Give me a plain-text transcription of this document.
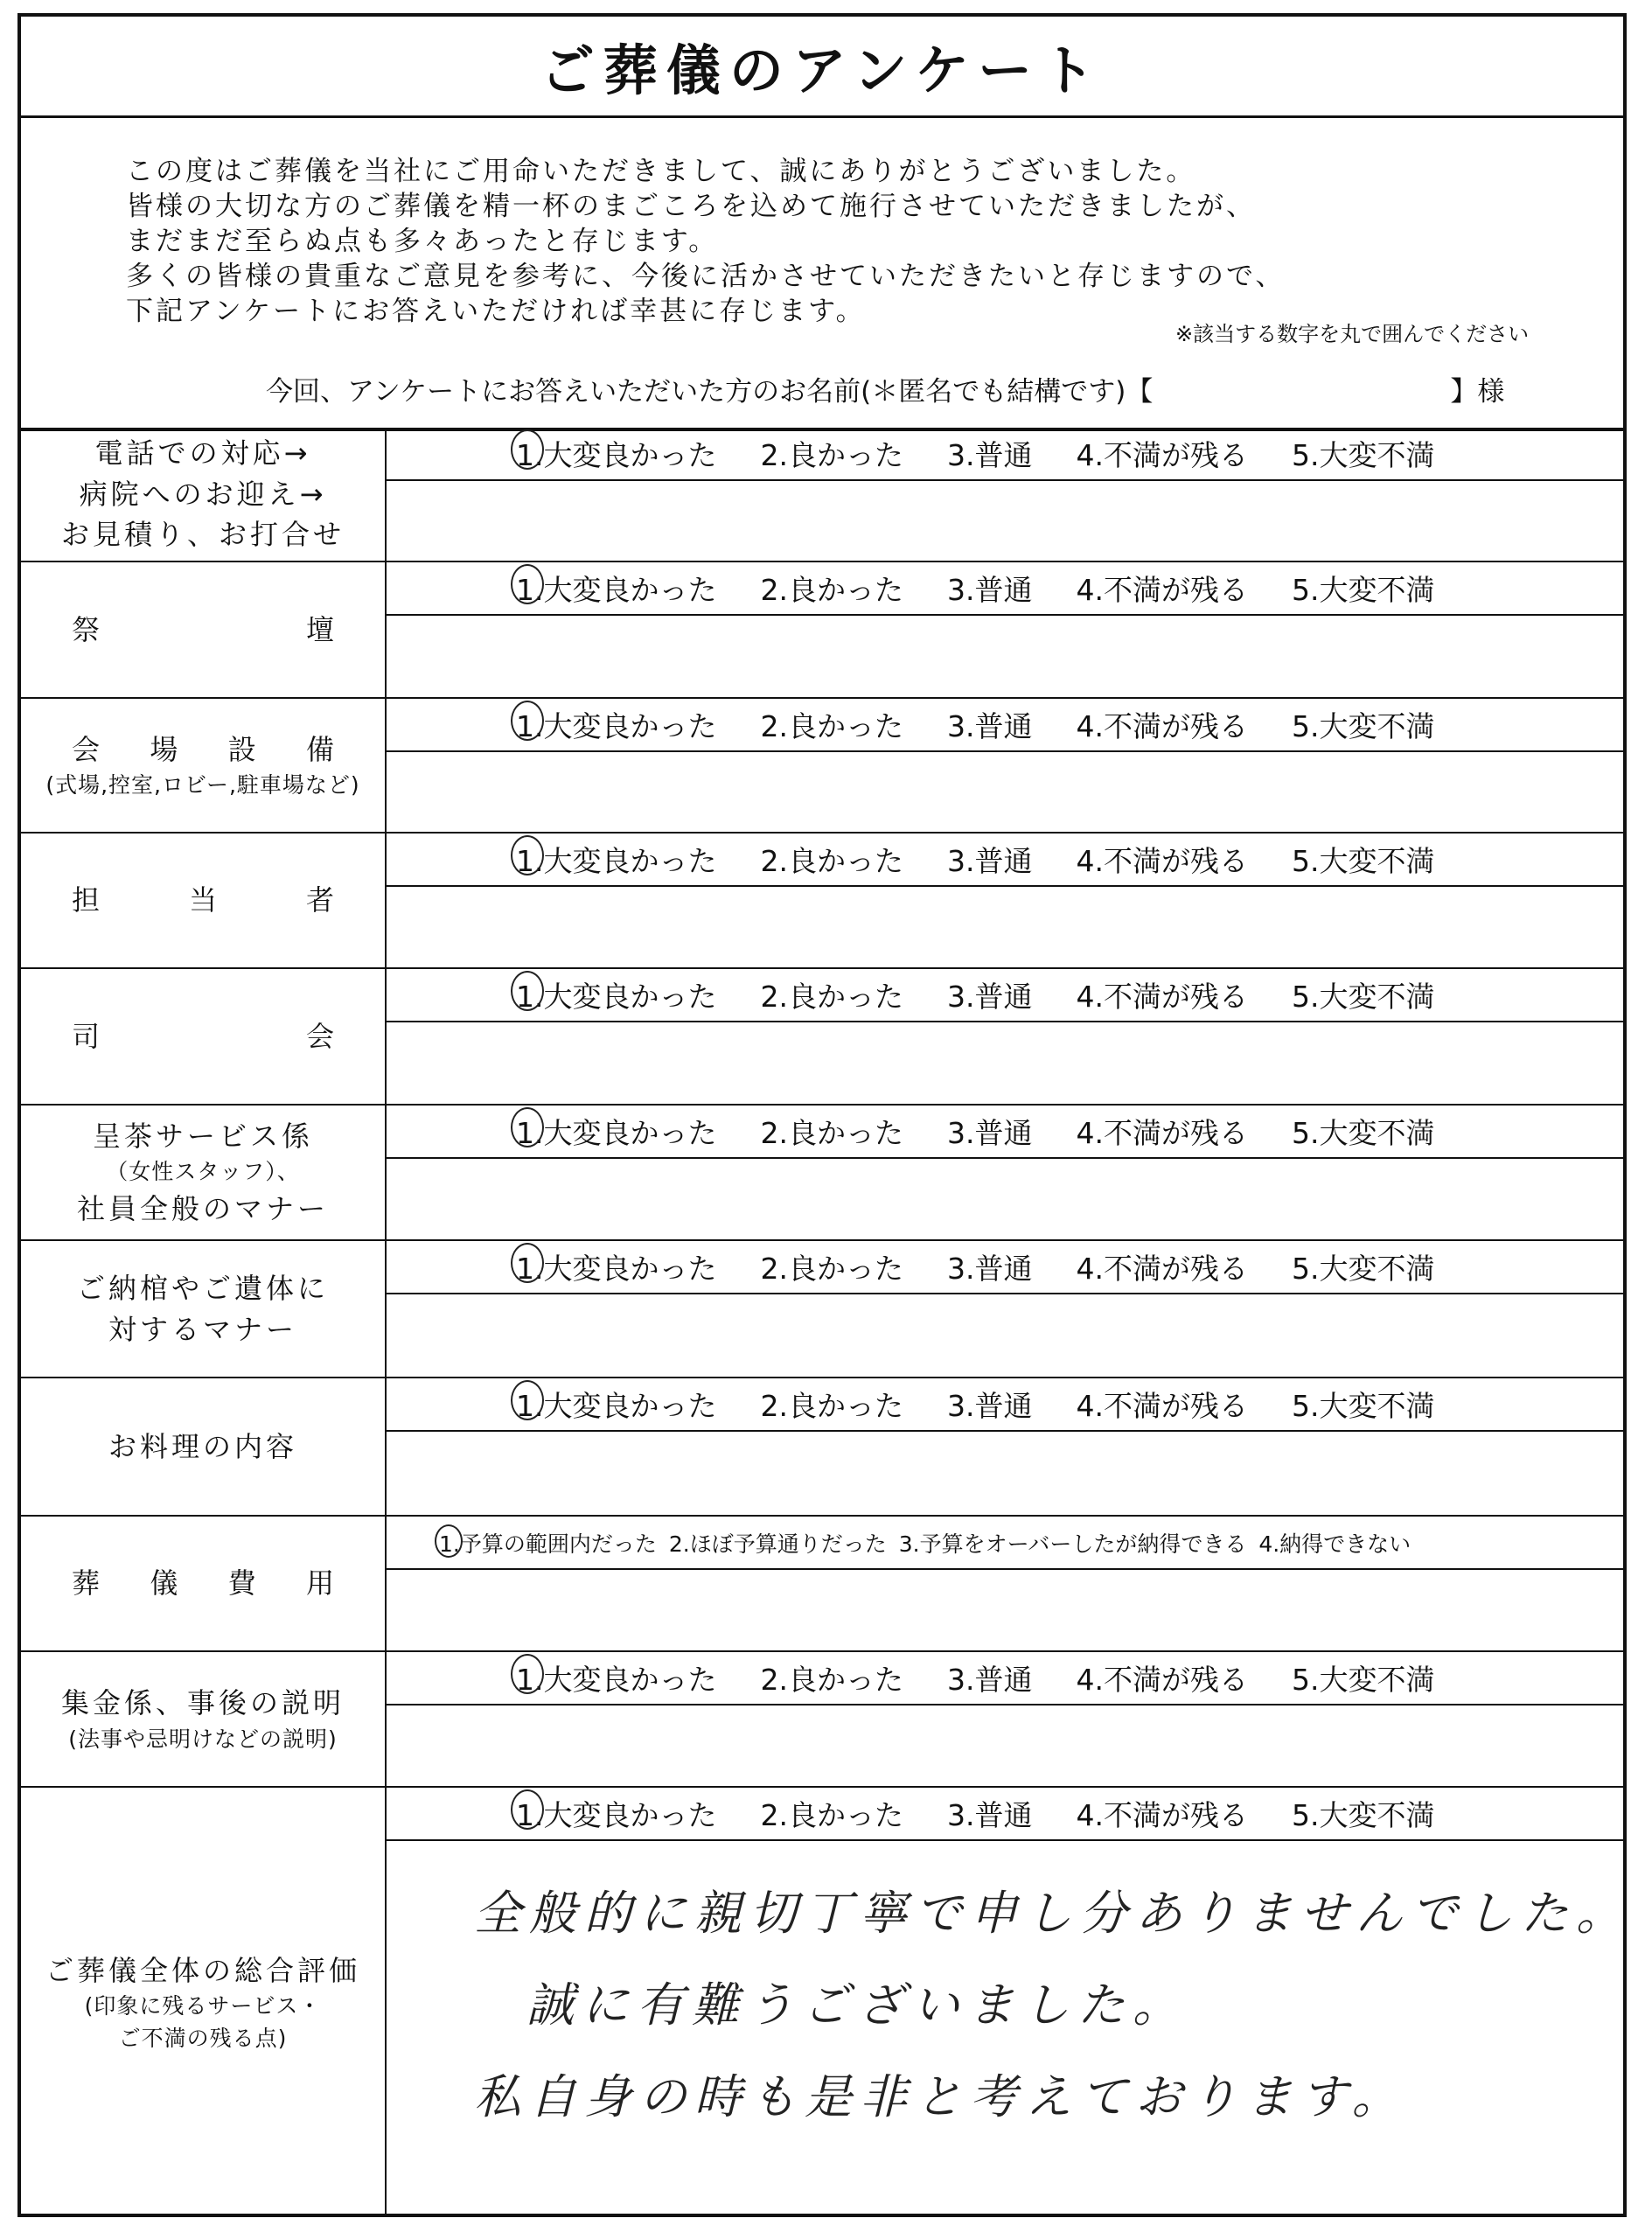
ご葬儀のアンケート
この度はご葬儀を当社にご用命いただきまして、誠にありがとうございました。
皆様の大切な方のご葬儀を精一杯のまごころを込めて施行させていただきましたが、
まだまだ至らぬ点も多々あったと存じます。
多くの皆様の貴重なご意見を参考に、今後に活かさせていただきたいと存じますので、
下記アンケートにお答えいただければ幸甚に存じます。
※該当する数字を丸で囲んでください
今回、アンケートにお答えいただいた方のお名前(＊匿名でも結構です)【	】様
電話での対応→
病院へのお迎え→
お見積り、お打合せ
1.大変良かった 2.良かった 3.普通 4.不満が残る 5.大変不満
祭	壇
1.大変良かった 2.良かった 3.普通 4.不満が残る 5.大変不満
会 場 設 備
(式場,控室,ロビー,駐車場など)
1.大変良かった 2.良かった 3.普通 4.不満が残る 5.大変不満
担	当	者
1.大変良かった 2.良かった 3.普通 4.不満が残る 5.大変不満
司	会
1.大変良かった 2.良かった 3.普通 4.不満が残る 5.大変不満
呈茶サービス係
（女性スタッフ）、
社員全般のマナー
1.大変良かった 2.良かった 3.普通 4.不満が残る 5.大変不満
ご納棺やご遺体に
対するマナー
1.大変良かった 2.良かった 3.普通 4.不満が残る 5.大変不満
お料理の内容
1.大変良かった 2.良かった 3.普通 4.不満が残る 5.大変不満
葬 儀 費 用
1.予算の範囲内だった 2.ほぼ予算通りだった 3.予算をオーバーしたが納得できる 4.納得できない
集金係、事後の説明
(法事や忌明けなどの説明)
1.大変良かった 2.良かった 3.普通 4.不満が残る 5.大変不満
ご葬儀全体の総合評価
(印象に残るサービス・
ご不満の残る点)
1.大変良かった 2.良かった 3.普通 4.不満が残る 5.大変不満
全般的に親切丁寧で申し分ありませんでした。
誠に有難うございました。
私自身の時も是非と考えております。
